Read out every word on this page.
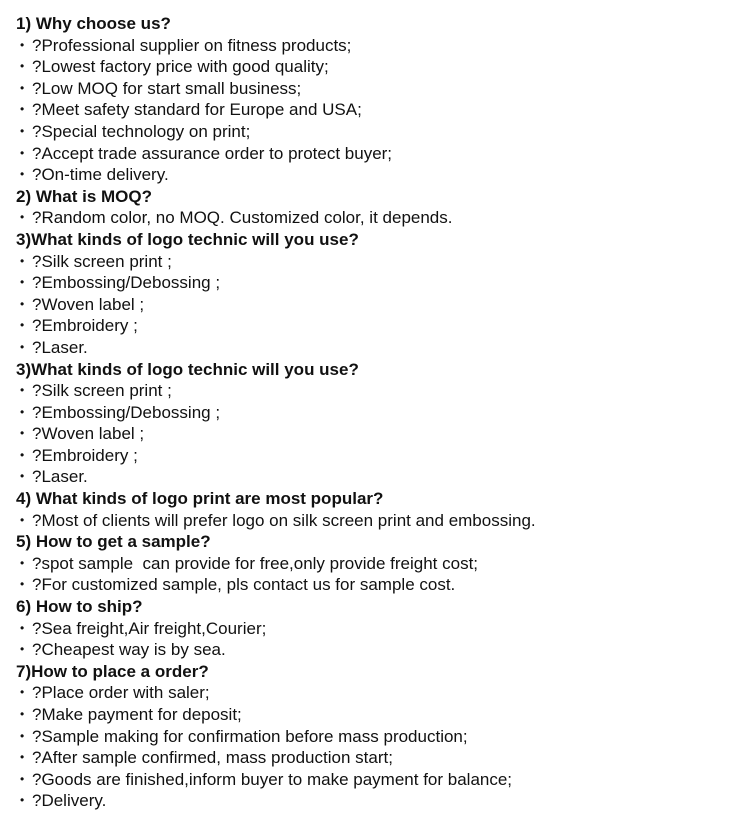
1) Why choose us?
• ?Professional supplier on fitness products;
• ?Lowest factory price with good quality;
• ?Low MOQ for start small business;
• ?Meet safety standard for Europe and USA;
• ?Special technology on print;
• ?Accept trade assurance order to protect buyer;
• ?On-time delivery.
2) What is MOQ?
• ?Random color, no MOQ. Customized color, it depends.
3)What kinds of logo technic will you use?
• ?Silk screen print ;
• ?Embossing/Debossing ;
• ?Woven label ;
• ?Embroidery ;
• ?Laser.
3)What kinds of logo technic will you use?
• ?Silk screen print ;
• ?Embossing/Debossing ;
• ?Woven label ;
• ?Embroidery ;
• ?Laser.
4) What kinds of logo print are most popular?
• ?Most of clients will prefer logo on silk screen print and embossing.
5) How to get a sample?
• ?spot sample  can provide for free,only provide freight cost;
• ?For customized sample, pls contact us for sample cost.
6) How to ship?
• ?Sea freight,Air freight,Courier;
• ?Cheapest way is by sea.
7)How to place a order?
• ?Place order with saler;
• ?Make payment for deposit;
• ?Sample making for confirmation before mass production;
• ?After sample confirmed, mass production start;
• ?Goods are finished,inform buyer to make payment for balance;
• ?Delivery.
